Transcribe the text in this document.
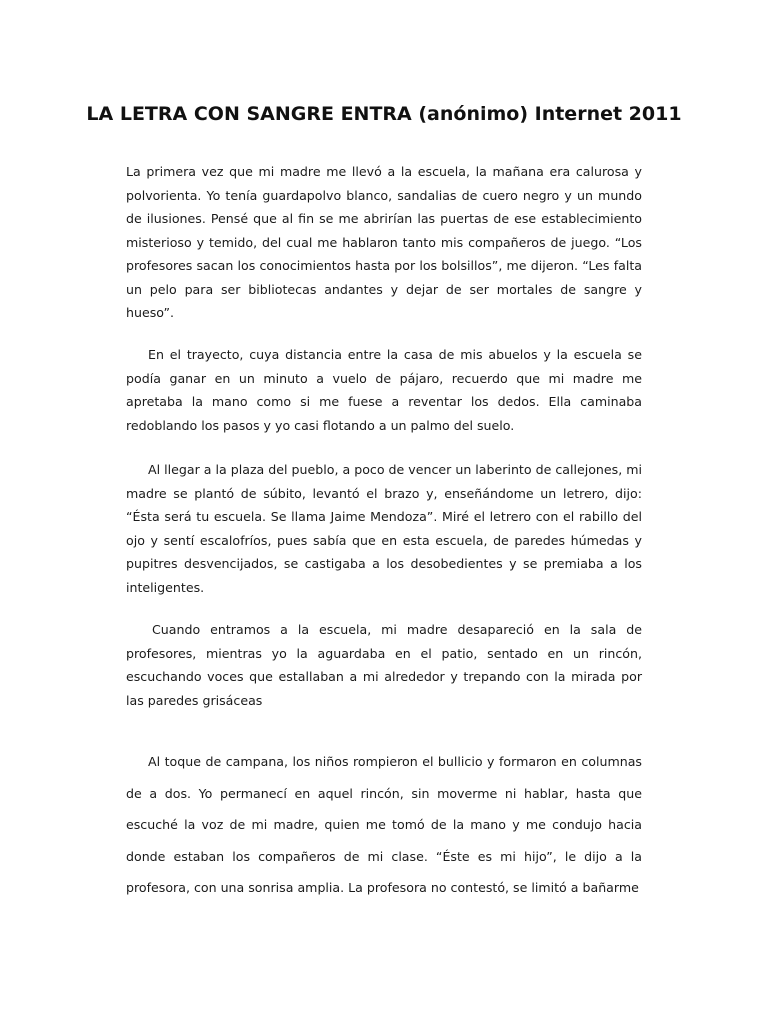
LA LETRA CON SANGRE ENTRA (anónimo) Internet 2011

La primera vez que mi madre me llevó a la escuela, la mañana era calurosa y polvorienta. Yo tenía guardapolvo blanco, sandalias de cuero negro y un mundo de ilusiones. Pensé que al fin se me abrirían las puertas de ese establecimiento misterioso y temido, del cual me hablaron tanto mis compañeros de juego. “Los profesores sacan los conocimientos hasta por los bolsillos”, me dijeron. “Les falta un pelo para ser bibliotecas andantes y dejar de ser mortales de sangre y hueso”.

En el trayecto, cuya distancia entre la casa de mis abuelos y la escuela se podía ganar en un minuto a vuelo de pájaro, recuerdo que mi madre me apretaba la mano como si me fuese a reventar los dedos. Ella caminaba redoblando los pasos y yo casi flotando a un palmo del suelo.

Al llegar a la plaza del pueblo, a poco de vencer un laberinto de callejones, mi madre se plantó de súbito, levantó el brazo y, enseñándome un letrero, dijo: “Ésta será tu escuela. Se llama Jaime Mendoza”. Miré el letrero con el rabillo del ojo y sentí escalofríos, pues sabía que en esta escuela, de paredes húmedas y pupitres desvencijados, se castigaba a los desobedientes y se premiaba a los inteligentes.

Cuando entramos a la escuela, mi madre desapareció en la sala de profesores, mientras yo la aguardaba en el patio, sentado en un rincón, escuchando voces que estallaban a mi alrededor y trepando con la mirada por las paredes grisáceas

Al toque de campana, los niños rompieron el bullicio y formaron en columnas de a dos. Yo permanecí en aquel rincón, sin moverme ni hablar, hasta que escuché la voz de mi madre, quien me tomó de la mano y me condujo hacia donde estaban los compañeros de mi clase. “Éste es mi hijo”, le dijo a la profesora, con una sonrisa amplia. La profesora no contestó, se limitó a bañarme
